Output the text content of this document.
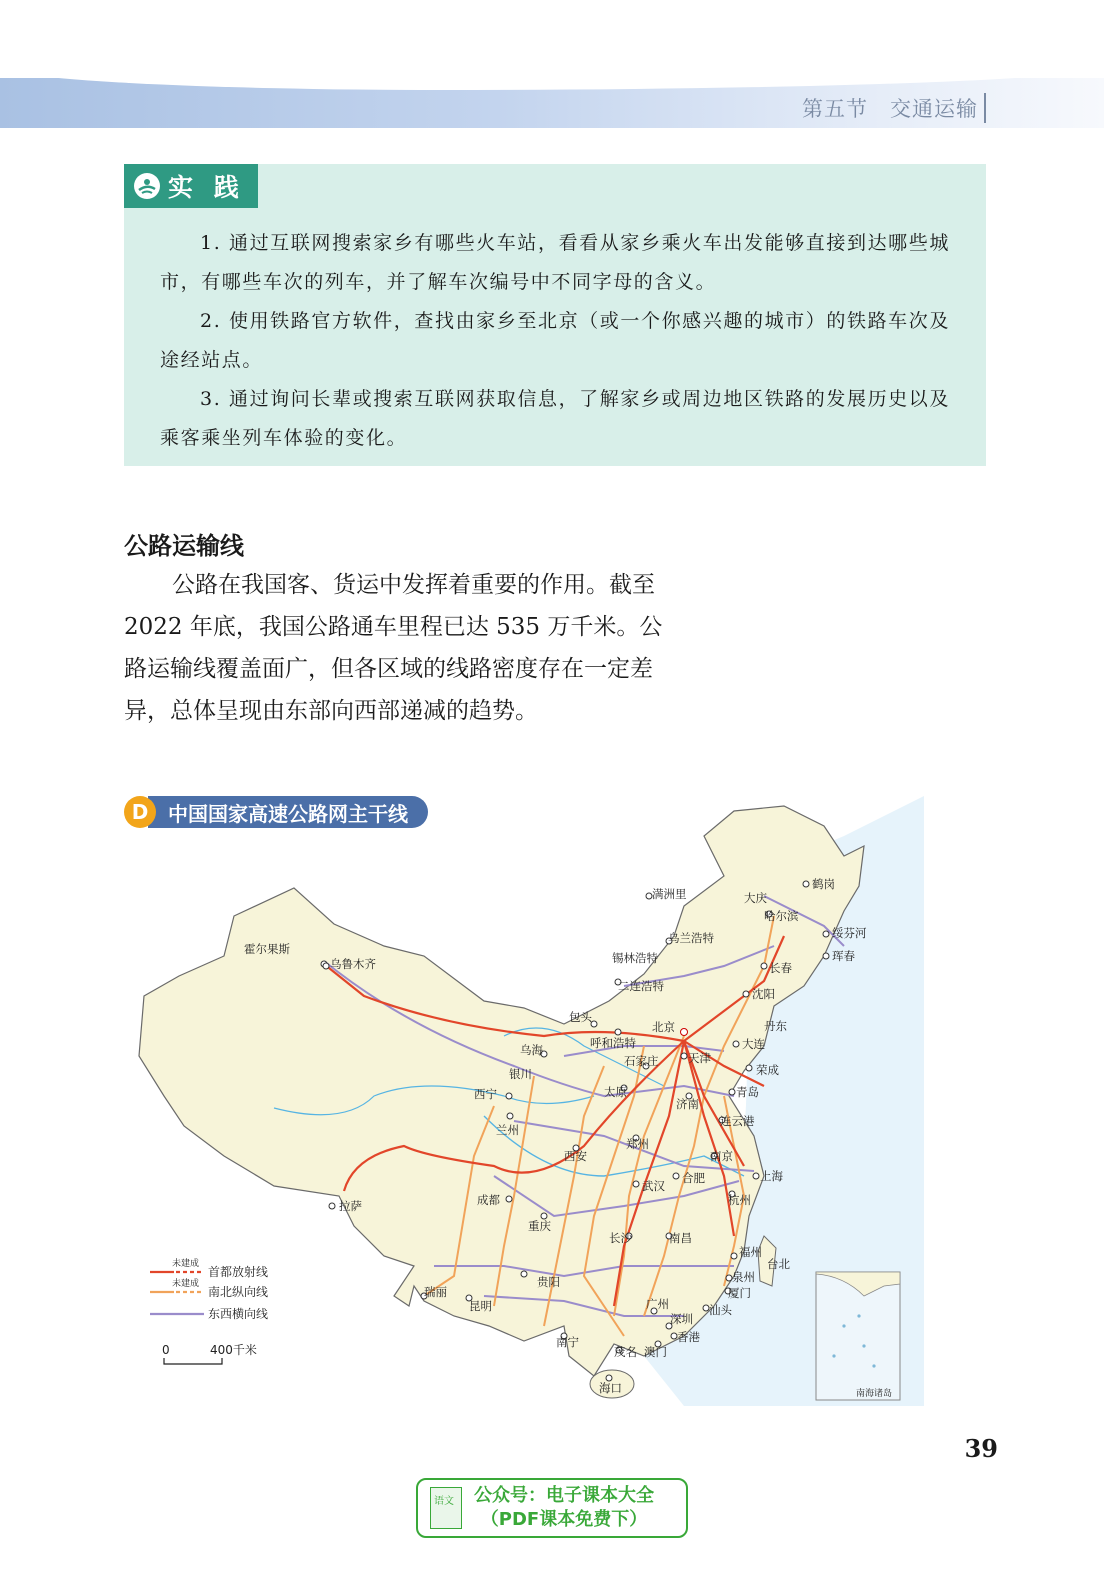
第五节　交通运输
实 践

1. 通过互联网搜索家乡有哪些火车站，看看从家乡乘火车出发能够直接到达哪些城市，有哪些车次的列车，并了解车次编号中不同字母的含义。

2. 使用铁路官方软件，查找由家乡至北京（或一个你感兴趣的城市）的铁路车次及途经站点。

3. 通过询问长辈或搜索互联网获取信息，了解家乡或周边地区铁路的发展历史以及乘客乘坐列车体验的变化。

公路运输线
公路在我国客、货运中发挥着重要的作用。截至 2022 年底，我国公路通车里程已达 535 万千米。公路运输线覆盖面广，但各区域的线路密度存在一定差异，总体呈现由东部向西部递减的趋势。
D 中国国家高速公路网主干线
霍尔果斯
乌鲁木齐
拉萨
西宁
兰州
银川
乌海
包头
呼和浩特
二连浩特
锡林浩特
乌兰浩特
满洲里	大庆
哈尔滨
鹤岗
绥芬河
珲春
长春
沈阳
丹东
大连
荣成
北京
天津
石家庄
太原
济南
青岛
连云港
郑州
西安
成都
重庆
武汉
合肥
南京
上海
杭州
南昌
长沙
福州
台北
泉州
厦门
汕头
广州
深圳
香港
澳门
茂名
南宁
海口
昆明
贵阳
瑞丽
未建成
首都放射线
未建成
南北纵向线
东西横向线
0	400千米
南海诸岛
39
语文 公众号：电子课本大全
（PDF课本免费下）
